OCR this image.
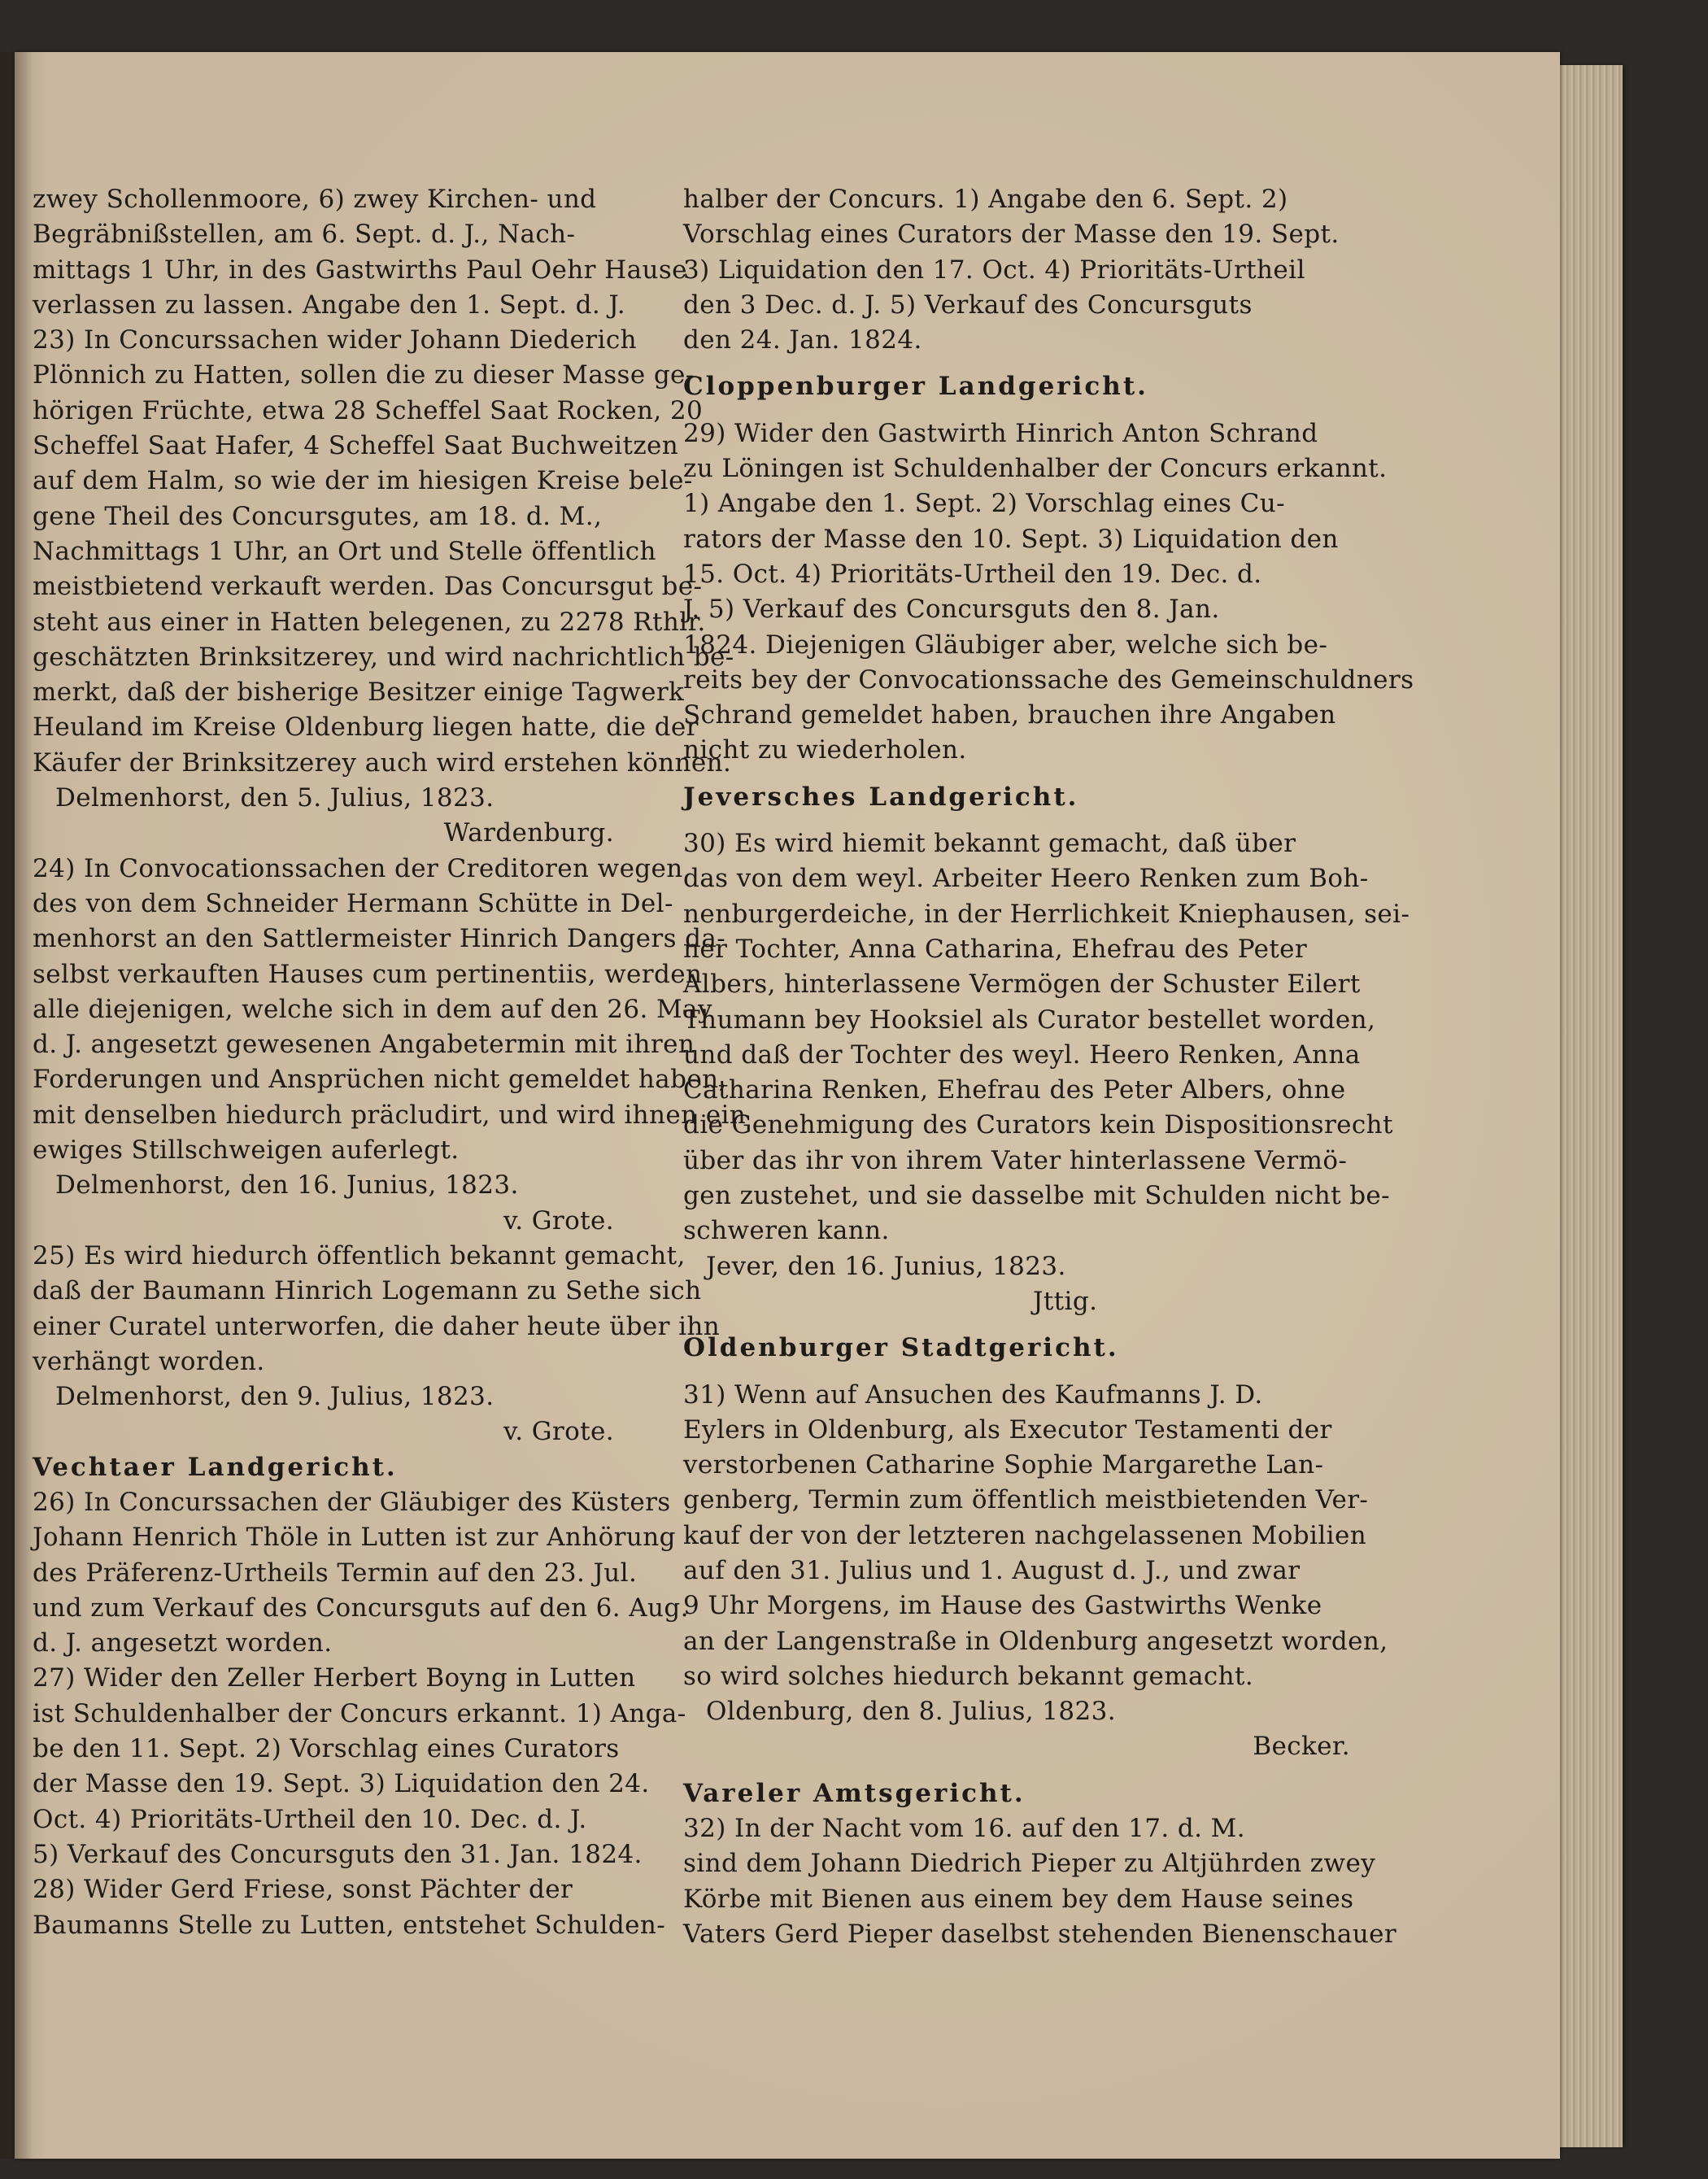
zwey Schollenmoore, 6) zwey Kirchen- und
Begräbnißstellen, am 6. Sept. d. J., Nach-
mittags 1 Uhr, in des Gastwirths Paul Oehr Hause
verlassen zu lassen. Angabe den 1. Sept. d. J.
23) In Concurssachen wider Johann Diederich
Plönnich zu Hatten, sollen die zu dieser Masse ge-
hörigen Früchte, etwa 28 Scheffel Saat Rocken, 20
Scheffel Saat Hafer, 4 Scheffel Saat Buchweitzen
auf dem Halm, so wie der im hiesigen Kreise bele-
gene Theil des Concursgutes, am 18. d. M.,
Nachmittags 1 Uhr, an Ort und Stelle öffentlich
meistbietend verkauft werden. Das Concursgut be-
steht aus einer in Hatten belegenen, zu 2278 Rthlr.
geschätzten Brinksitzerey, und wird nachrichtlich be-
merkt, daß der bisherige Besitzer einige Tagwerk
Heuland im Kreise Oldenburg liegen hatte, die der
Käufer der Brinksitzerey auch wird erstehen können.
Delmenhorst, den 5. Julius, 1823.
Wardenburg.
24) In Convocationssachen der Creditoren wegen
des von dem Schneider Hermann Schütte in Del-
menhorst an den Sattlermeister Hinrich Dangers da-
selbst verkauften Hauses cum pertinentiis, werden
alle diejenigen, welche sich in dem auf den 26. May
d. J. angesetzt gewesenen Angabetermin mit ihren
Forderungen und Ansprüchen nicht gemeldet haben,
mit denselben hiedurch präcludirt, und wird ihnen ein
ewiges Stillschweigen auferlegt.
Delmenhorst, den 16. Junius, 1823.
v. Grote.
25) Es wird hiedurch öffentlich bekannt gemacht,
daß der Baumann Hinrich Logemann zu Sethe sich
einer Curatel unterworfen, die daher heute über ihn
verhängt worden.
Delmenhorst, den 9. Julius, 1823.
v. Grote.
Vechtaer Landgericht.
26) In Concurssachen der Gläubiger des Küsters
Johann Henrich Thöle in Lutten ist zur Anhörung
des Präferenz-Urtheils Termin auf den 23. Jul.
und zum Verkauf des Concursguts auf den 6. Aug.
d. J. angesetzt worden.
27) Wider den Zeller Herbert Boyng in Lutten
ist Schuldenhalber der Concurs erkannt. 1) Anga-
be den 11. Sept. 2) Vorschlag eines Curators
der Masse den 19. Sept. 3) Liquidation den 24.
Oct. 4) Prioritäts-Urtheil den 10. Dec. d. J.
5) Verkauf des Concursguts den 31. Jan. 1824.
28) Wider Gerd Friese, sonst Pächter der
Baumanns Stelle zu Lutten, entstehet Schulden-
halber der Concurs. 1) Angabe den 6. Sept. 2)
Vorschlag eines Curators der Masse den 19. Sept.
3) Liquidation den 17. Oct. 4) Prioritäts-Urtheil
den 3 Dec. d. J. 5) Verkauf des Concursguts
den 24. Jan. 1824.
Cloppenburger Landgericht.
29) Wider den Gastwirth Hinrich Anton Schrand
zu Löningen ist Schuldenhalber der Concurs erkannt.
1) Angabe den 1. Sept. 2) Vorschlag eines Cu-
rators der Masse den 10. Sept. 3) Liquidation den
15. Oct. 4) Prioritäts-Urtheil den 19. Dec. d.
J. 5) Verkauf des Concursguts den 8. Jan.
1824. Diejenigen Gläubiger aber, welche sich be-
reits bey der Convocationssache des Gemeinschuldners
Schrand gemeldet haben, brauchen ihre Angaben
nicht zu wiederholen.
Jeversches Landgericht.
30) Es wird hiemit bekannt gemacht, daß über
das von dem weyl. Arbeiter Heero Renken zum Boh-
nenburgerdeiche, in der Herrlichkeit Kniephausen, sei-
ner Tochter, Anna Catharina, Ehefrau des Peter
Albers, hinterlassene Vermögen der Schuster Eilert
Thumann bey Hooksiel als Curator bestellet worden,
und daß der Tochter des weyl. Heero Renken, Anna
Catharina Renken, Ehefrau des Peter Albers, ohne
die Genehmigung des Curators kein Dispositionsrecht
über das ihr von ihrem Vater hinterlassene Vermö-
gen zustehet, und sie dasselbe mit Schulden nicht be-
schweren kann.
Jever, den 16. Junius, 1823.
Jttig.
Oldenburger Stadtgericht.
31) Wenn auf Ansuchen des Kaufmanns J. D.
Eylers in Oldenburg, als Executor Testamenti der
verstorbenen Catharine Sophie Margarethe Lan-
genberg, Termin zum öffentlich meistbietenden Ver-
kauf der von der letzteren nachgelassenen Mobilien
auf den 31. Julius und 1. August d. J., und zwar
9 Uhr Morgens, im Hause des Gastwirths Wenke
an der Langenstraße in Oldenburg angesetzt worden,
so wird solches hiedurch bekannt gemacht.
Oldenburg, den 8. Julius, 1823.
Becker.
Vareler Amtsgericht.
32) In der Nacht vom 16. auf den 17. d. M.
sind dem Johann Diedrich Pieper zu Altjührden zwey
Körbe mit Bienen aus einem bey dem Hause seines
Vaters Gerd Pieper daselbst stehenden Bienenschauer
